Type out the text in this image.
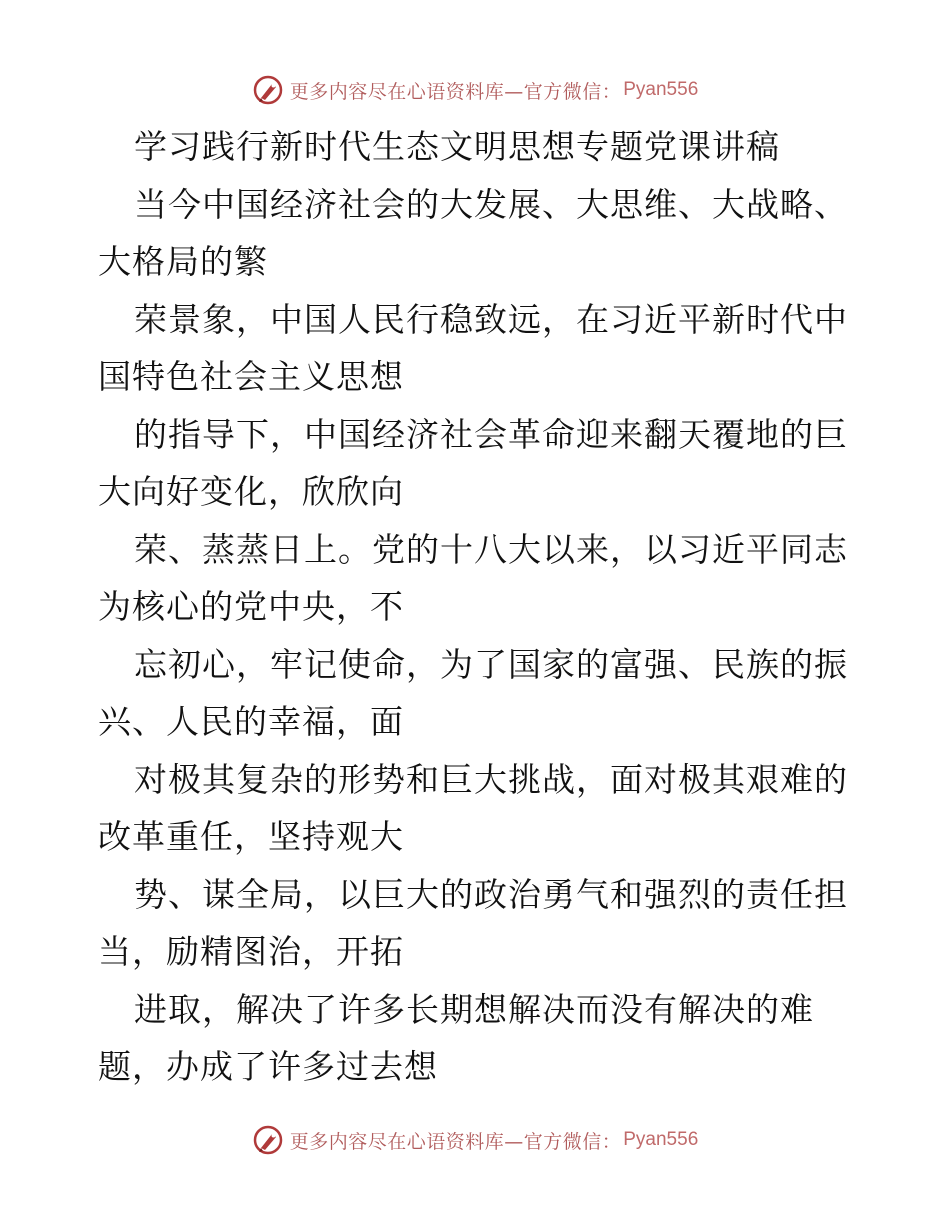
更多内容尽在心语资料库—官方微信： Pyan556
学习践行新时代生态文明思想专题党课讲稿
当今中国经济社会的大发展、大思维、大战略、
大格局的繁
荣景象，中国人民行稳致远，在习近平新时代中
国特色社会主义思想
的指导下，中国经济社会革命迎来翻天覆地的巨
大向好变化，欣欣向
荣、蒸蒸日上。党的十八大以来，以习近平同志
为核心的党中央，不
忘初心，牢记使命，为了国家的富强、民族的振
兴、人民的幸福，面
对极其复杂的形势和巨大挑战，面对极其艰难的
改革重任，坚持观大
势、谋全局，以巨大的政治勇气和强烈的责任担
当，励精图治，开拓
进取，解决了许多长期想解决而没有解决的难
题，办成了许多过去想
更多内容尽在心语资料库—官方微信： Pyan556
